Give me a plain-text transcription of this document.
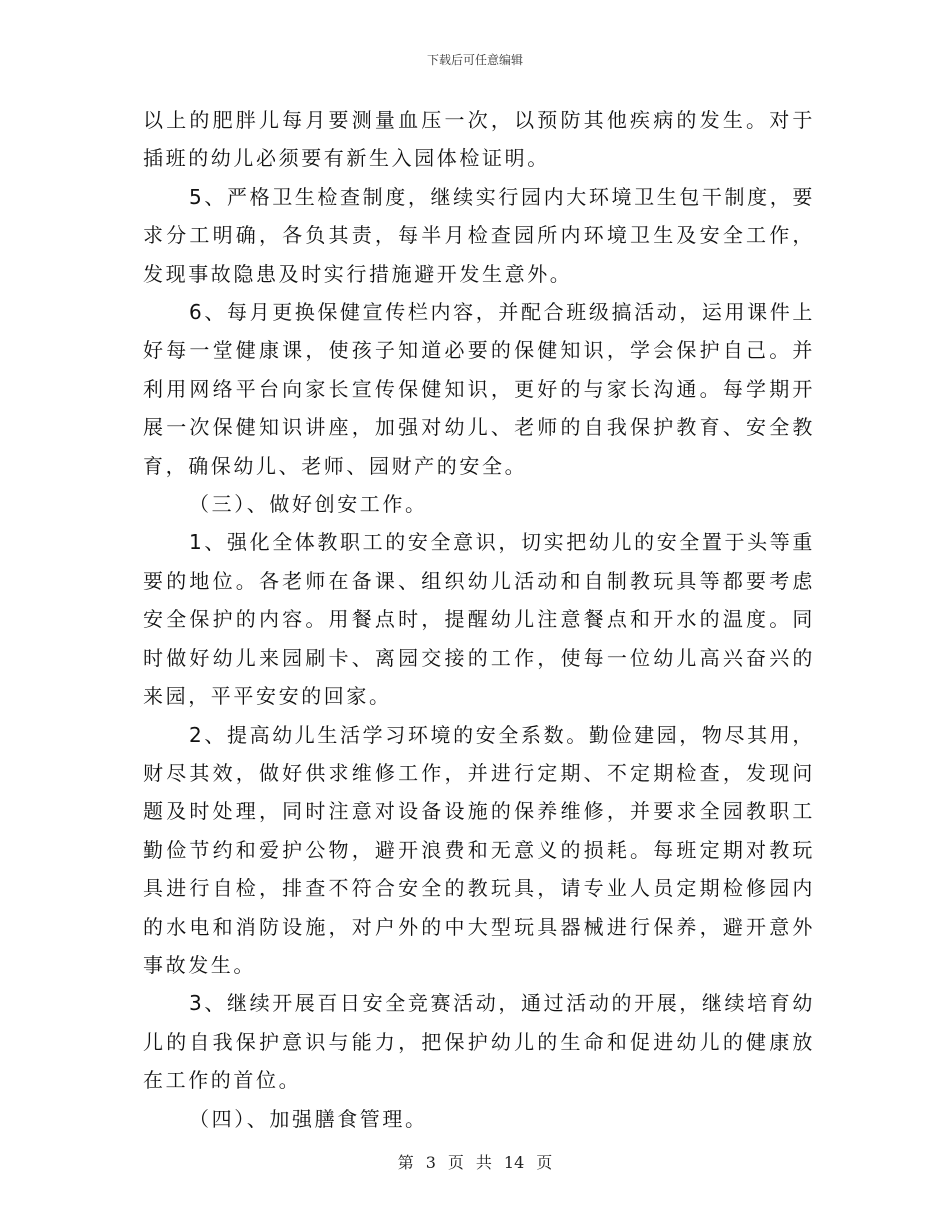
下载后可任意编辑

以上的肥胖儿每月要测量血压一次，以预防其他疾病的发生。对于插班的幼儿必须要有新生入园体检证明。

5、严格卫生检查制度，继续实行园内大环境卫生包干制度，要求分工明确，各负其责，每半月检查园所内环境卫生及安全工作，发现事故隐患及时实行措施避开发生意外。

6、每月更换保健宣传栏内容，并配合班级搞活动，运用课件上好每一堂健康课，使孩子知道必要的保健知识，学会保护自己。并利用网络平台向家长宣传保健知识，更好的与家长沟通。每学期开展一次保健知识讲座，加强对幼儿、老师的自我保护教育、安全教育，确保幼儿、老师、园财产的安全。

（三）、做好创安工作。

1、强化全体教职工的安全意识，切实把幼儿的安全置于头等重要的地位。各老师在备课、组织幼儿活动和自制教玩具等都要考虑安全保护的内容。用餐点时，提醒幼儿注意餐点和开水的温度。同时做好幼儿来园刷卡、离园交接的工作，使每一位幼儿高兴奋兴的来园，平平安安的回家。

2、提高幼儿生活学习环境的安全系数。勤俭建园，物尽其用，财尽其效，做好供求维修工作，并进行定期、不定期检查，发现问题及时处理，同时注意对设备设施的保养维修，并要求全园教职工勤俭节约和爱护公物，避开浪费和无意义的损耗。每班定期对教玩具进行自检，排查不符合安全的教玩具，请专业人员定期检修园内的水电和消防设施，对户外的中大型玩具器械进行保养，避开意外事故发生。

3、继续开展百日安全竞赛活动，通过活动的开展，继续培育幼儿的自我保护意识与能力，把保护幼儿的生命和促进幼儿的健康放在工作的首位。

（四）、加强膳食管理。

第 3 页 共 14 页
